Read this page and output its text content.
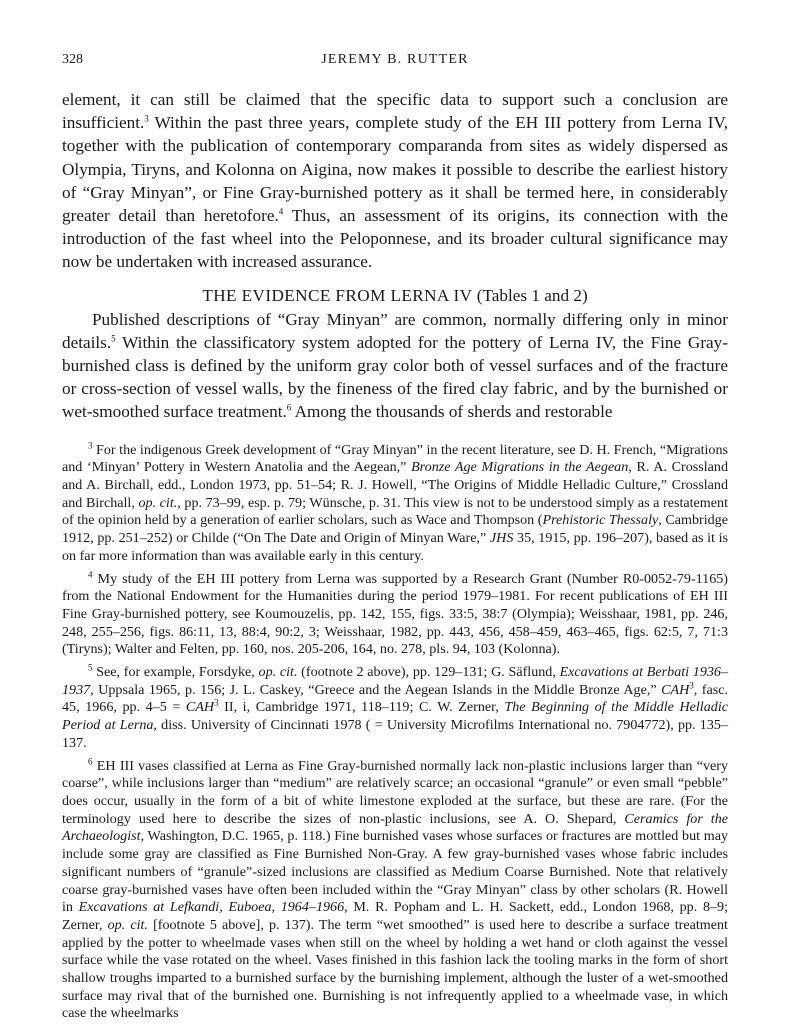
328	JEREMY B. RUTTER

element, it can still be claimed that the specific data to support such a conclusion are insufficient.$^3$ Within the past three years, complete study of the EH III pottery from Lerna IV, together with the publication of contemporary comparanda from sites as widely dispersed as Olympia, Tiryns, and Kolonna on Aigina, now makes it possible to describe the earliest history of “Gray Minyan”, or Fine Gray-burnished pottery as it shall be termed here, in considerably greater detail than heretofore.$^4$ Thus, an assessment of its origins, its connection with the introduction of the fast wheel into the Peloponnese, and its broader cultural significance may now be undertaken with increased assurance.

THE EVIDENCE FROM LERNA IV (Tables 1 and 2)

Published descriptions of “Gray Minyan” are common, normally differing only in minor details.$^5$ Within the classificatory system adopted for the pottery of Lerna IV, the Fine Gray-burnished class is defined by the uniform gray color both of vessel surfaces and of the fracture or cross-section of vessel walls, by the fineness of the fired clay fabric, and by the burnished or wet-smoothed surface treatment.$^6$ Among the thousands of sherds and restorable

$^3$ For the indigenous Greek development of “Gray Minyan” in the recent literature, see D. H. French, “Migrations and ‘Minyan’ Pottery in Western Anatolia and the Aegean,” Bronze Age Migrations in the Aegean, R. A. Crossland and A. Birchall, edd., London 1973, pp. 51–54; R. J. Howell, “The Origins of Middle Helladic Culture,” Crossland and Birchall, op. cit., pp. 73–99, esp. p. 79; Wünsche, p. 31. This view is not to be understood simply as a restatement of the opinion held by a generation of earlier scholars, such as Wace and Thompson (Prehistoric Thessaly, Cambridge 1912, pp. 251–252) or Childe (“On The Date and Origin of Minyan Ware,” JHS 35, 1915, pp. 196–207), based as it is on far more information than was available early in this century.

$^4$ My study of the EH III pottery from Lerna was supported by a Research Grant (Number R0-0052-79-1165) from the National Endowment for the Humanities during the period 1979–1981. For recent publications of EH III Fine Gray-burnished pottery, see Koumouzelis, pp. 142, 155, figs. 33:5, 38:7 (Olympia); Weisshaar, 1981, pp. 246, 248, 255–256, figs. 86:11, 13, 88:4, 90:2, 3; Weisshaar, 1982, pp. 443, 456, 458–459, 463–465, figs. 62:5, 7, 71:3 (Tiryns); Walter and Felten, pp. 160, nos. 205-206, 164, no. 278, pls. 94, 103 (Kolonna).

$^5$ See, for example, Forsdyke, op. cit. (footnote 2 above), pp. 129–131; G. Säflund, Excavations at Berbati 1936–1937, Uppsala 1965, p. 156; J. L. Caskey, “Greece and the Aegean Islands in the Middle Bronze Age,” CAH$^3$, fasc. 45, 1966, pp. $4-5 = CAH^3$ II, i, Cambridge 1971, 118–119; C. W. Zerner, The Beginning of the Middle Helladic Period at Lerna, diss. University of Cincinnati 1978 ( = University Microfilms International no. 7904772), pp. 135–137.

$^6$ EH III vases classified at Lerna as Fine Gray-burnished normally lack non-plastic inclusions larger than “very coarse”, while inclusions larger than “medium” are relatively scarce; an occasional “granule” or even small “pebble” does occur, usually in the form of a bit of white limestone exploded at the surface, but these are rare. (For the terminology used here to describe the sizes of non-plastic inclusions, see A. O. Shepard, Ceramics for the Archaeologist, Washington, D.C. 1965, p. 118.) Fine burnished vases whose surfaces or fractures are mottled but may include some gray are classified as Fine Burnished Non-Gray. A few gray-burnished vases whose fabric includes significant numbers of “granule”-sized inclusions are classified as Medium Coarse Burnished. Note that relatively coarse gray-burnished vases have often been included within the “Gray Minyan” class by other scholars (R. Howell in Excavations at Lefkandi, Euboea, 1964–1966, M. R. Popham and L. H. Sackett, edd., London 1968, pp. 8–9; Zerner, op. cit. [footnote 5 above], p. 137). The term “wet smoothed” is used here to describe a surface treatment applied by the potter to wheelmade vases when still on the wheel by holding a wet hand or cloth against the vessel surface while the vase rotated on the wheel. Vases finished in this fashion lack the tooling marks in the form of short shallow troughs imparted to a burnished surface by the burnishing implement, although the luster of a wet-smoothed surface may rival that of the burnished one. Burnishing is not infrequently applied to a wheelmade vase, in which case the wheelmarks
